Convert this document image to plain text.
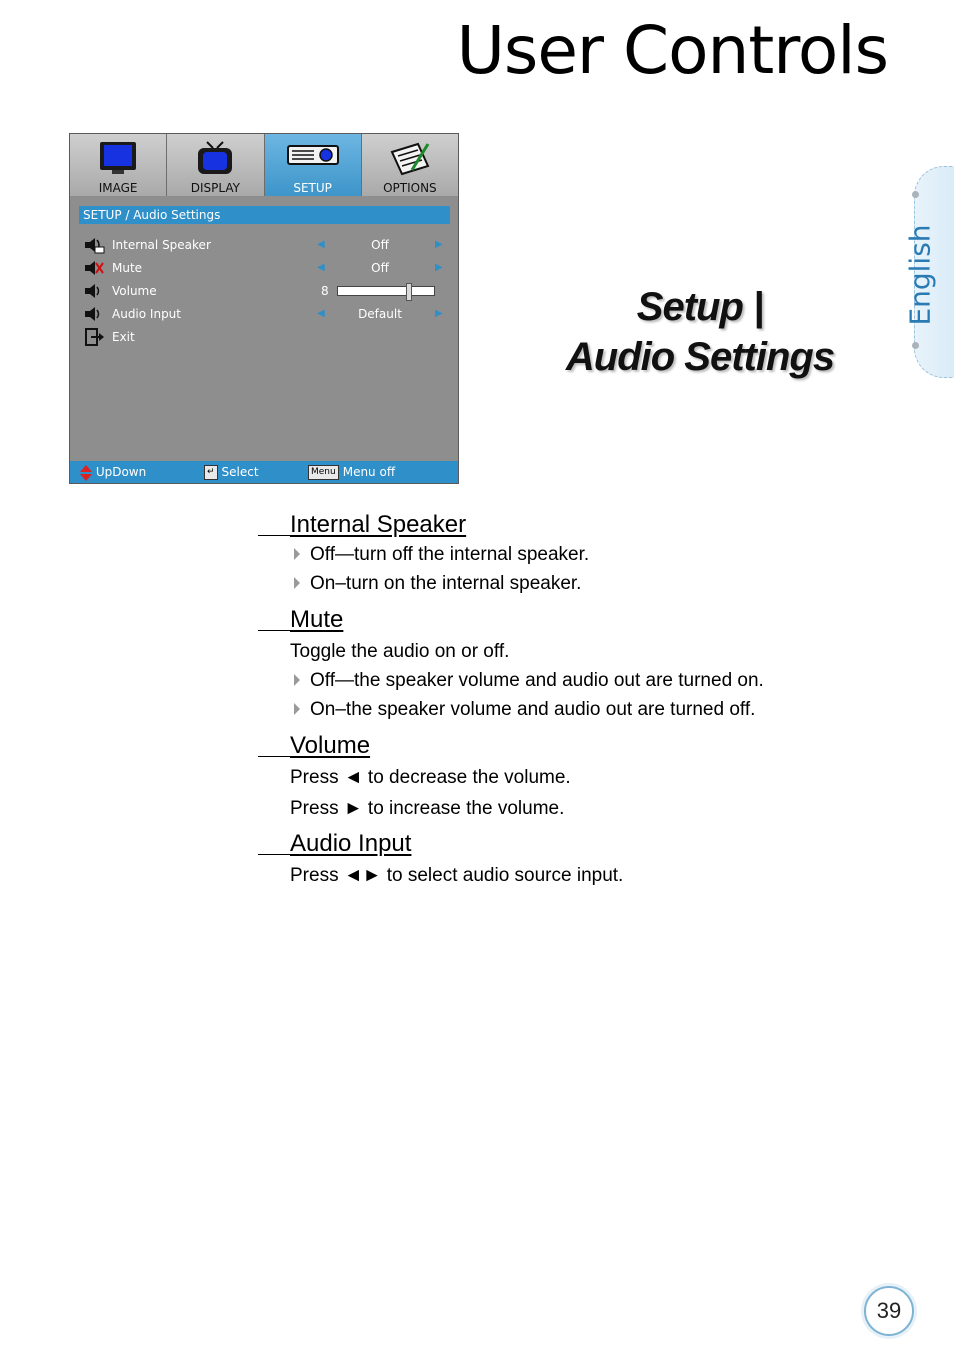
User Controls
English
IMAGE	DISPLAY	SETUP	OPTIONS
SETUP / Audio Settings
Internal Speaker	◀	Off	▶
Mute	◀	Off	▶
Volume	8
Audio Input	◀	Default	▶
Exit
UpDown	↵ Select	Menu Menu off
Setup |
Audio Settings
Internal Speaker
Off—turn off the internal speaker.
On–turn on the internal speaker.
Mute
Toggle the audio on or off.
Off—the speaker volume and audio out are turned on.
On–the speaker volume and audio out are turned off.
Volume
Press ◄ to decrease the volume.
Press ► to increase the volume.
Audio Input
Press ◄► to select audio source input.
39
